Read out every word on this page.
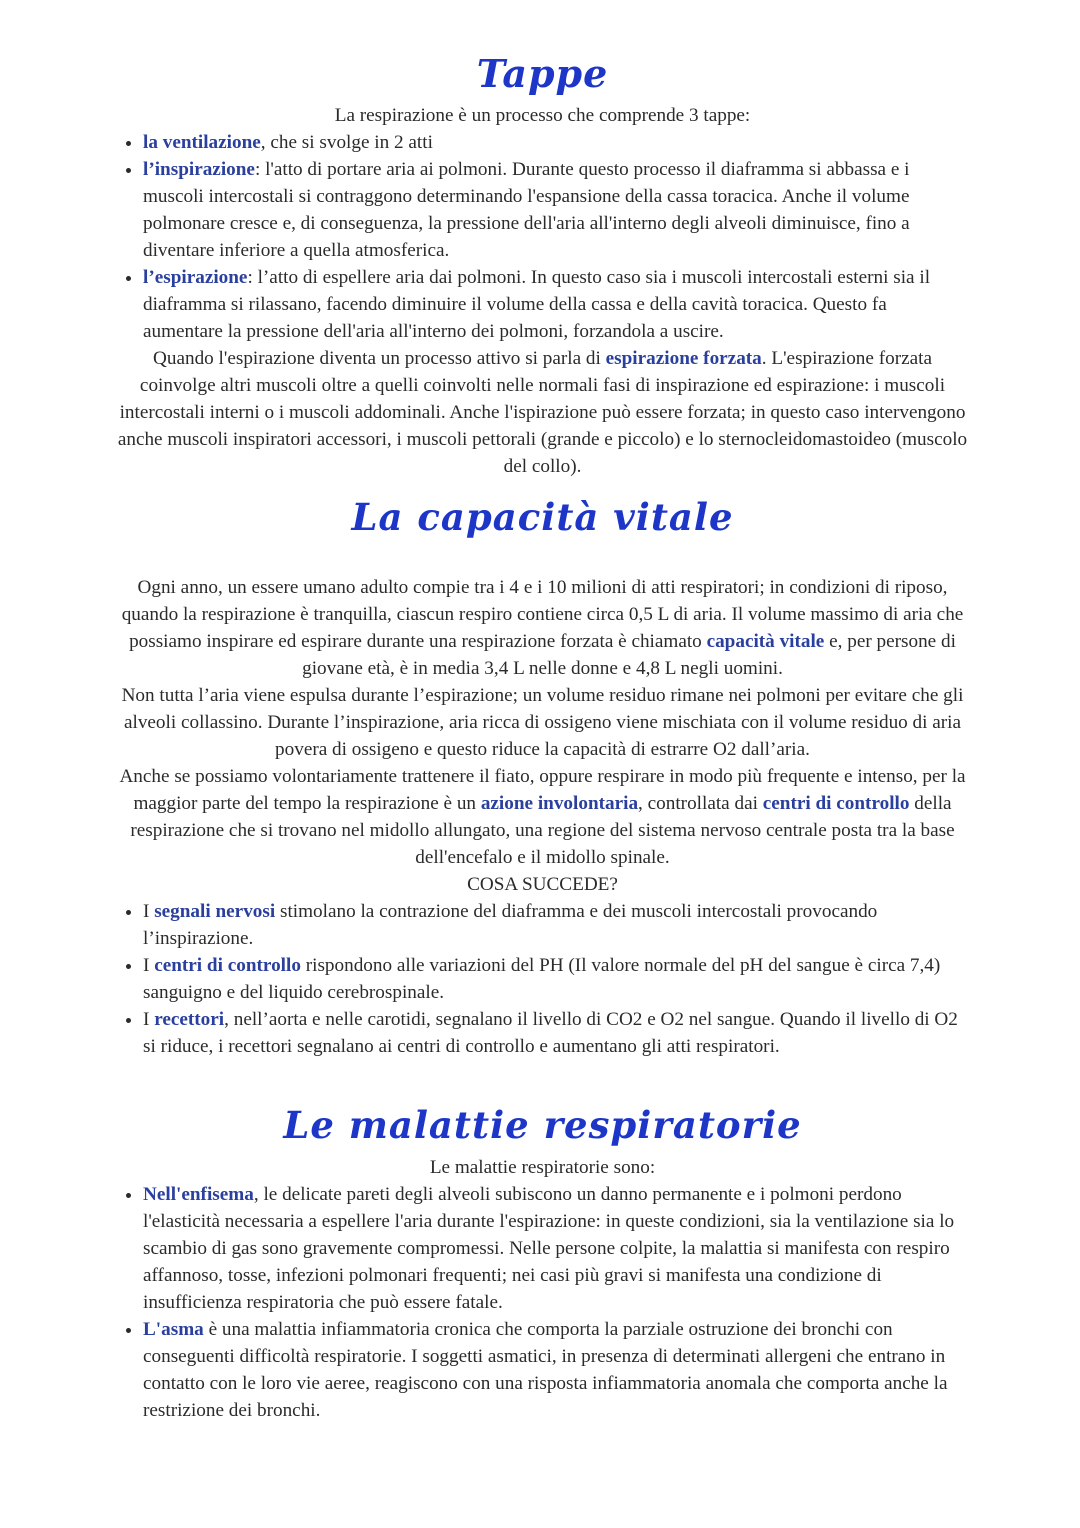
Tappe

La respirazione è un processo che comprende 3 tappe:

• la ventilazione, che si svolge in 2 atti
• l’inspirazione: l'atto di portare aria ai polmoni. Durante questo processo il diaframma si abbassa e i muscoli intercostali si contraggono determinando l'espansione della cassa toracica. Anche il volume polmonare cresce e, di conseguenza, la pressione dell'aria all'interno degli alveoli diminuisce, fino a diventare inferiore a quella atmosferica.
• l’espirazione: l’atto di espellere aria dai polmoni. In questo caso sia i muscoli intercostali esterni sia il diaframma si rilassano, facendo diminuire il volume della cassa e della cavità toracica. Questo fa aumentare la pressione dell'aria all'interno dei polmoni, forzandola a uscire.

Quando l'espirazione diventa un processo attivo si parla di espirazione forzata. L'espirazione forzata coinvolge altri muscoli oltre a quelli coinvolti nelle normali fasi di inspirazione ed espirazione: i muscoli intercostali interni o i muscoli addominali. Anche l'ispirazione può essere forzata; in questo caso intervengono anche muscoli inspiratori accessori, i muscoli pettorali (grande e piccolo) e lo sternocleidomastoideo (muscolo del collo).

La capacità vitale

Ogni anno, un essere umano adulto compie tra i 4 e i 10 milioni di atti respiratori; in condizioni di riposo, quando la respirazione è tranquilla, ciascun respiro contiene circa 0,5 L di aria. Il volume massimo di aria che possiamo inspirare ed espirare durante una respirazione forzata è chiamato capacità vitale e, per persone di giovane età, è in media 3,4 L nelle donne e 4,8 L negli uomini.

Non tutta l’aria viene espulsa durante l’espirazione; un volume residuo rimane nei polmoni per evitare che gli alveoli collassino. Durante l’inspirazione, aria ricca di ossigeno viene mischiata con il volume residuo di aria povera di ossigeno e questo riduce la capacità di estrarre O2 dall’aria.

Anche se possiamo volontariamente trattenere il fiato, oppure respirare in modo più frequente e intenso, per la maggior parte del tempo la respirazione è un azione involontaria, controllata dai centri di controllo della respirazione che si trovano nel midollo allungato, una regione del sistema nervoso centrale posta tra la base dell'encefalo e il midollo spinale.

COSA SUCCEDE?

• I segnali nervosi stimolano la contrazione del diaframma e dei muscoli intercostali provocando l’inspirazione.
• I centri di controllo rispondono alle variazioni del PH (Il valore normale del pH del sangue è circa 7,4) sanguigno e del liquido cerebrospinale.
• I recettori, nell’aorta e nelle carotidi, segnalano il livello di CO2 e O2 nel sangue. Quando il livello di O2 si riduce, i recettori segnalano ai centri di controllo e aumentano gli atti respiratori.
Le malattie respiratorie

Le malattie respiratorie sono:

• Nell'enfisema, le delicate pareti degli alveoli subiscono un danno permanente e i polmoni perdono l'elasticità necessaria a espellere l'aria durante l'espirazione: in queste condizioni, sia la ventilazione sia lo scambio di gas sono gravemente compromessi. Nelle persone colpite, la malattia si manifesta con respiro affannoso, tosse, infezioni polmonari frequenti; nei casi più gravi si manifesta una condizione di insufficienza respiratoria che può essere fatale.
• L'asma è una malattia infiammatoria cronica che comporta la parziale ostruzione dei bronchi con conseguenti difficoltà respiratorie. I soggetti asmatici, in presenza di determinati allergeni che entrano in contatto con le loro vie aeree, reagiscono con una risposta infiammatoria anomala che comporta anche la restrizione dei bronchi.
